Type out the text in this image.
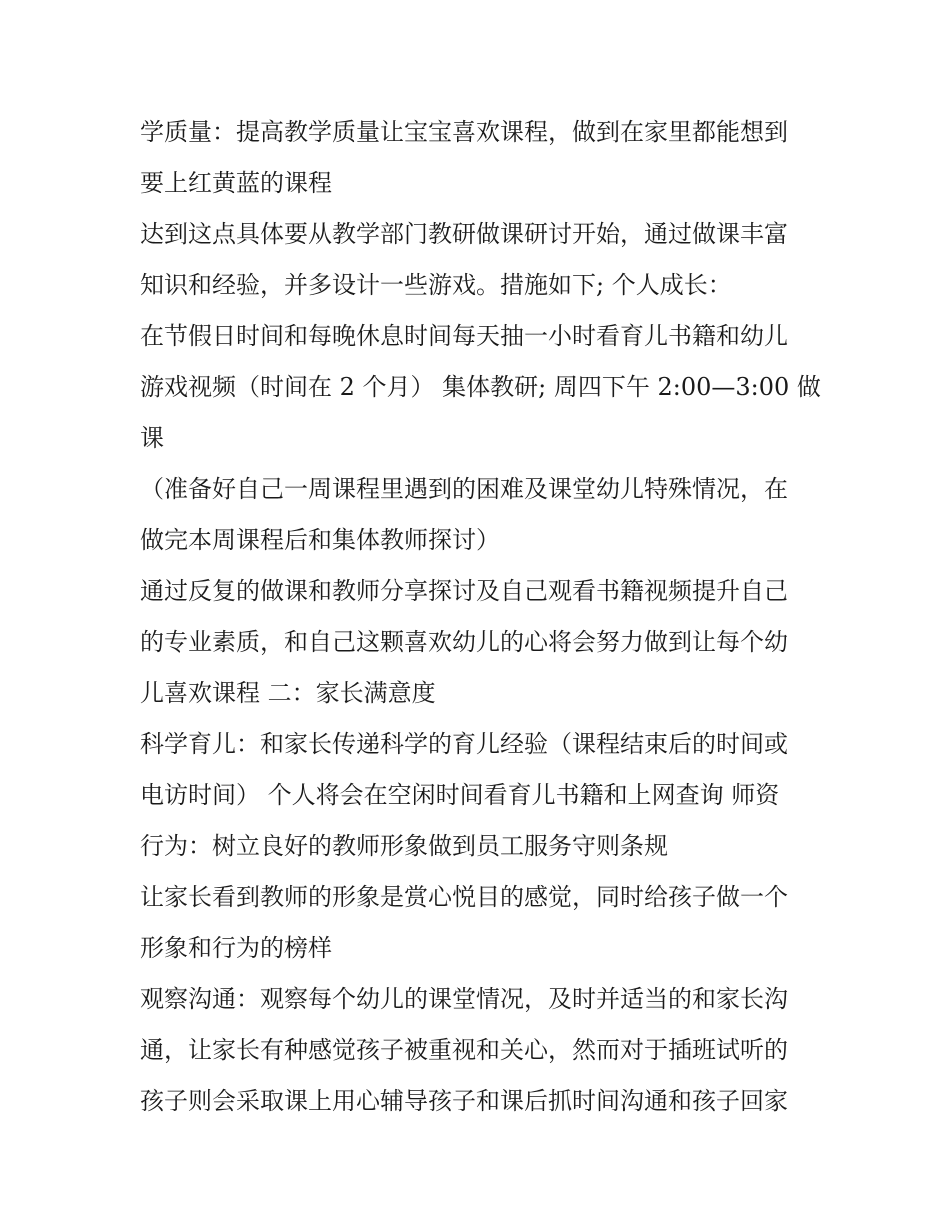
学质量：提高教学质量让宝宝喜欢课程，做到在家里都能想到
要上红黄蓝的课程
达到这点具体要从教学部门教研做课研讨开始，通过做课丰富
知识和经验，并多设计一些游戏。措施如下; 个人成长：
在节假日时间和每晚休息时间每天抽一小时看育儿书籍和幼儿
游戏视频（时间在 2 个月） 集体教研; 周四下午 2:00—3:00 做
课
（准备好自己一周课程里遇到的困难及课堂幼儿特殊情况，在
做完本周课程后和集体教师探讨）
通过反复的做课和教师分享探讨及自己观看书籍视频提升自己
的专业素质，和自己这颗喜欢幼儿的心将会努力做到让每个幼
儿喜欢课程 二：家长满意度
科学育儿：和家长传递科学的育儿经验（课程结束后的时间或
电访时间） 个人将会在空闲时间看育儿书籍和上网查询 师资
行为：树立良好的教师形象做到员工服务守则条规
让家长看到教师的形象是赏心悦目的感觉，同时给孩子做一个
形象和行为的榜样
观察沟通：观察每个幼儿的课堂情况，及时并适当的和家长沟
通，让家长有种感觉孩子被重视和关心，然而对于插班试听的
孩子则会采取课上用心辅导孩子和课后抓时间沟通和孩子回家
